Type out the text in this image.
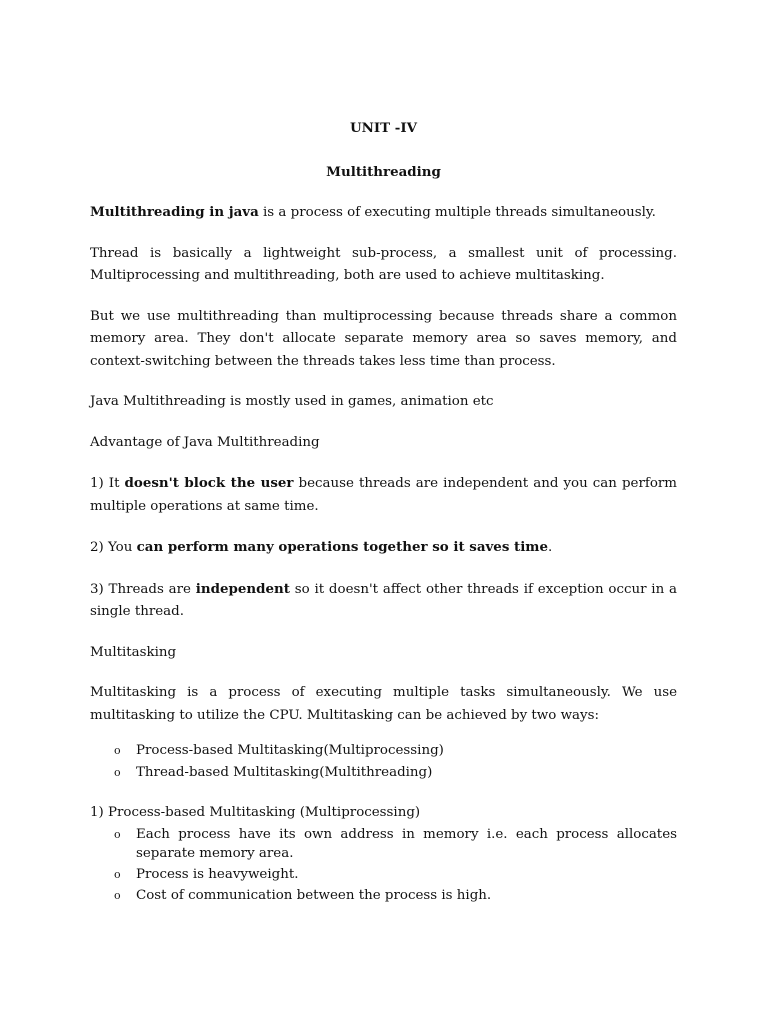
UNIT -IV
Multithreading

Multithreading in java is a process of executing multiple threads simultaneously.

Thread is basically a lightweight sub-process, a smallest unit of processing. Multiprocessing and multithreading, both are used to achieve multitasking.

But we use multithreading than multiprocessing because threads share a common memory area. They don't allocate separate memory area so saves memory, and context-switching between the threads takes less time than process.

Java Multithreading is mostly used in games, animation etc

Advantage of Java Multithreading

1) It doesn't block the user because threads are independent and you can perform multiple operations at same time.

2) You can perform many operations together so it saves time.

3) Threads are independent so it doesn't affect other threads if exception occur in a single thread.

Multitasking

Multitasking is a process of executing multiple tasks simultaneously. We use multitasking to utilize the CPU. Multitasking can be achieved by two ways:

o Process-based Multitasking(Multiprocessing)
o Thread-based Multitasking(Multithreading)
1) Process-based Multitasking (Multiprocessing)
o Each process have its own address in memory i.e. each process allocates separate memory area.
o Process is heavyweight.
o Cost of communication between the process is high.
